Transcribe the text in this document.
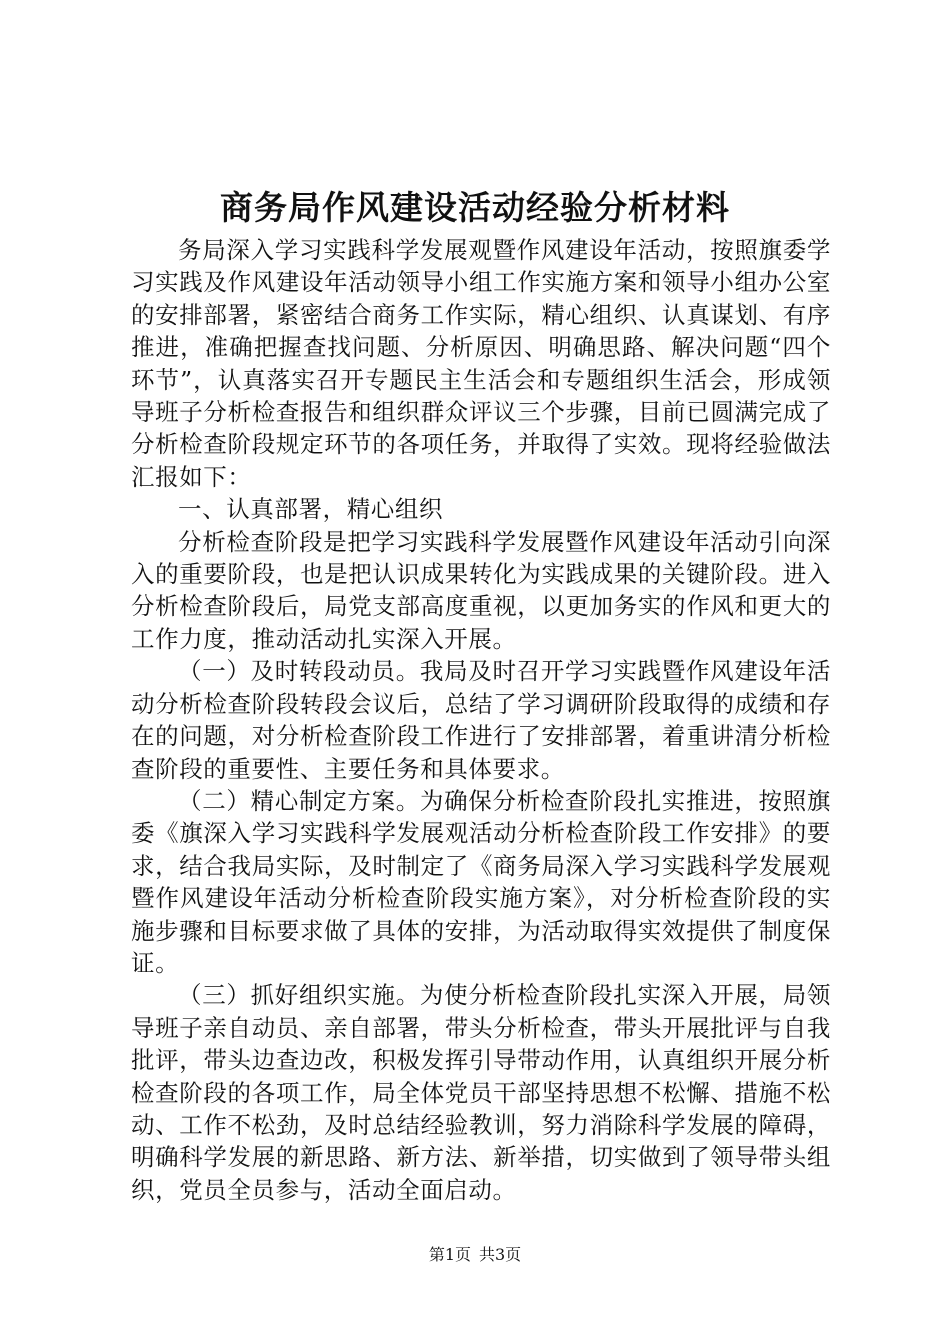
商务局作风建设活动经验分析材料

务局深入学习实践科学发展观暨作风建设年活动，按照旗委学习实践及作风建设年活动领导小组工作实施方案和领导小组办公室的安排部署，紧密结合商务工作实际，精心组织、认真谋划、有序推进，准确把握查找问题、分析原因、明确思路、解决问题“四个环节”，认真落实召开专题民主生活会和专题组织生活会，形成领导班子分析检查报告和组织群众评议三个步骤，目前已圆满完成了分析检查阶段规定环节的各项任务，并取得了实效。现将经验做法汇报如下：

一、认真部署，精心组织

分析检查阶段是把学习实践科学发展暨作风建设年活动引向深入的重要阶段，也是把认识成果转化为实践成果的关键阶段。进入分析检查阶段后，局党支部高度重视，以更加务实的作风和更大的工作力度，推动活动扎实深入开展。

（一）及时转段动员。我局及时召开学习实践暨作风建设年活动分析检查阶段转段会议后，总结了学习调研阶段取得的成绩和存在的问题，对分析检查阶段工作进行了安排部署，着重讲清分析检查阶段的重要性、主要任务和具体要求。

（二）精心制定方案。为确保分析检查阶段扎实推进，按照旗委《旗深入学习实践科学发展观活动分析检查阶段工作安排》的要求，结合我局实际，及时制定了《商务局深入学习实践科学发展观暨作风建设年活动分析检查阶段实施方案》，对分析检查阶段的实施步骤和目标要求做了具体的安排，为活动取得实效提供了制度保证。

（三）抓好组织实施。为使分析检查阶段扎实深入开展，局领导班子亲自动员、亲自部署，带头分析检查，带头开展批评与自我批评，带头边查边改，积极发挥引导带动作用，认真组织开展分析检查阶段的各项工作，局全体党员干部坚持思想不松懈、措施不松动、工作不松劲，及时总结经验教训，努力消除科学发展的障碍，明确科学发展的新思路、新方法、新举措，切实做到了领导带头组织，党员全员参与，活动全面启动。

第1页 共3页
